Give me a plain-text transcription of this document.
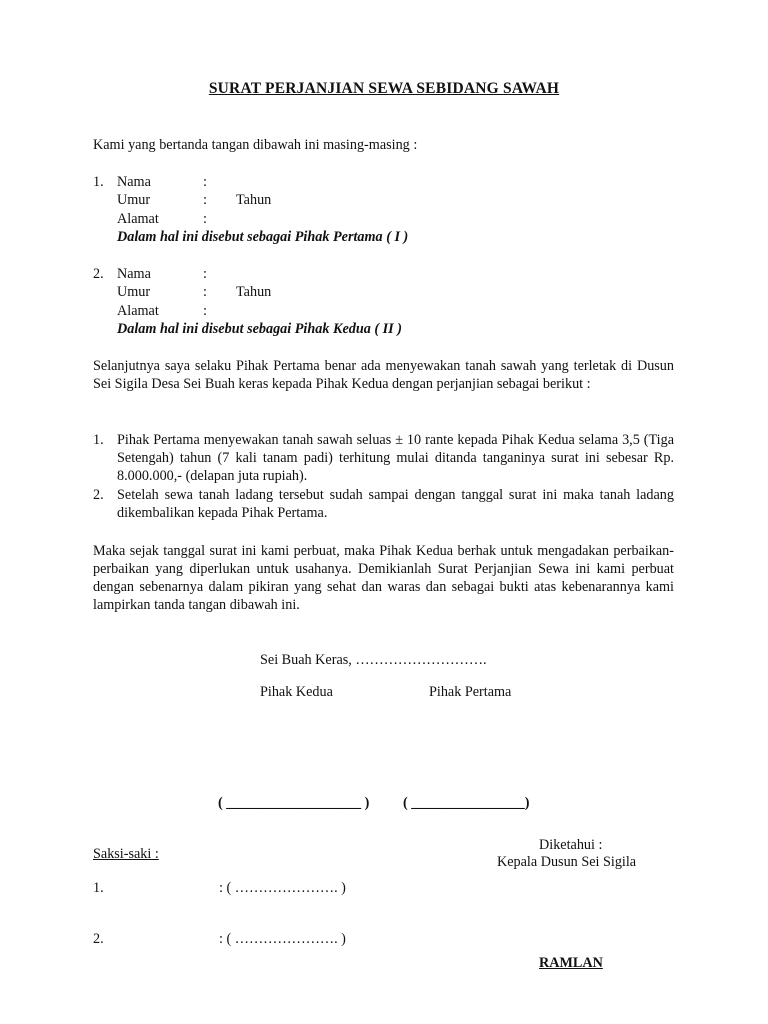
SURAT PERJANJIAN SEWA SEBIDANG SAWAH
Kami yang bertanda tangan dibawah ini masing-masing :
1. Nama	:
Umur	: Tahun
Alamat	:
Dalam hal ini disebut sebagai Pihak Pertama ( I )
2. Nama	:
Umur	: Tahun
Alamat	:
Dalam hal ini disebut sebagai Pihak Kedua ( II )
Selanjutnya saya selaku Pihak Pertama benar ada menyewakan tanah sawah yang terletak di Dusun Sei Sigila Desa Sei Buah keras kepada Pihak Kedua dengan perjanjian sebagai berikut :
1. Pihak Pertama menyewakan tanah sawah seluas ± 10 rante kepada Pihak Kedua selama 3,5 (Tiga Setengah) tahun (7 kali tanam padi) terhitung mulai ditanda tanganinya surat ini sebesar Rp. 8.000.000,- (delapan juta rupiah).
2. Setelah sewa tanah ladang tersebut sudah sampai dengan tanggal surat ini maka tanah ladang dikembalikan kepada Pihak Pertama.
Maka sejak tanggal surat ini kami perbuat, maka Pihak Kedua berhak untuk mengadakan perbaikan-perbaikan yang diperlukan untuk usahanya. Demikianlah Surat Perjanjian Sewa ini kami perbuat dengan sebenarnya dalam pikiran yang sehat dan waras dan sebagai bukti atas kebenarannya kami lampirkan tanda tangan dibawah ini.
Sei Buah Keras, ……………………….
Pihak Kedua	Pihak Pertama
( ___________________ ) ( ________________)
Saksi-saki :
Diketahui :
Kepala Dusun Sei Sigila
1.	: ( …………………. )
2.	: ( …………………. )
RAMLAN
